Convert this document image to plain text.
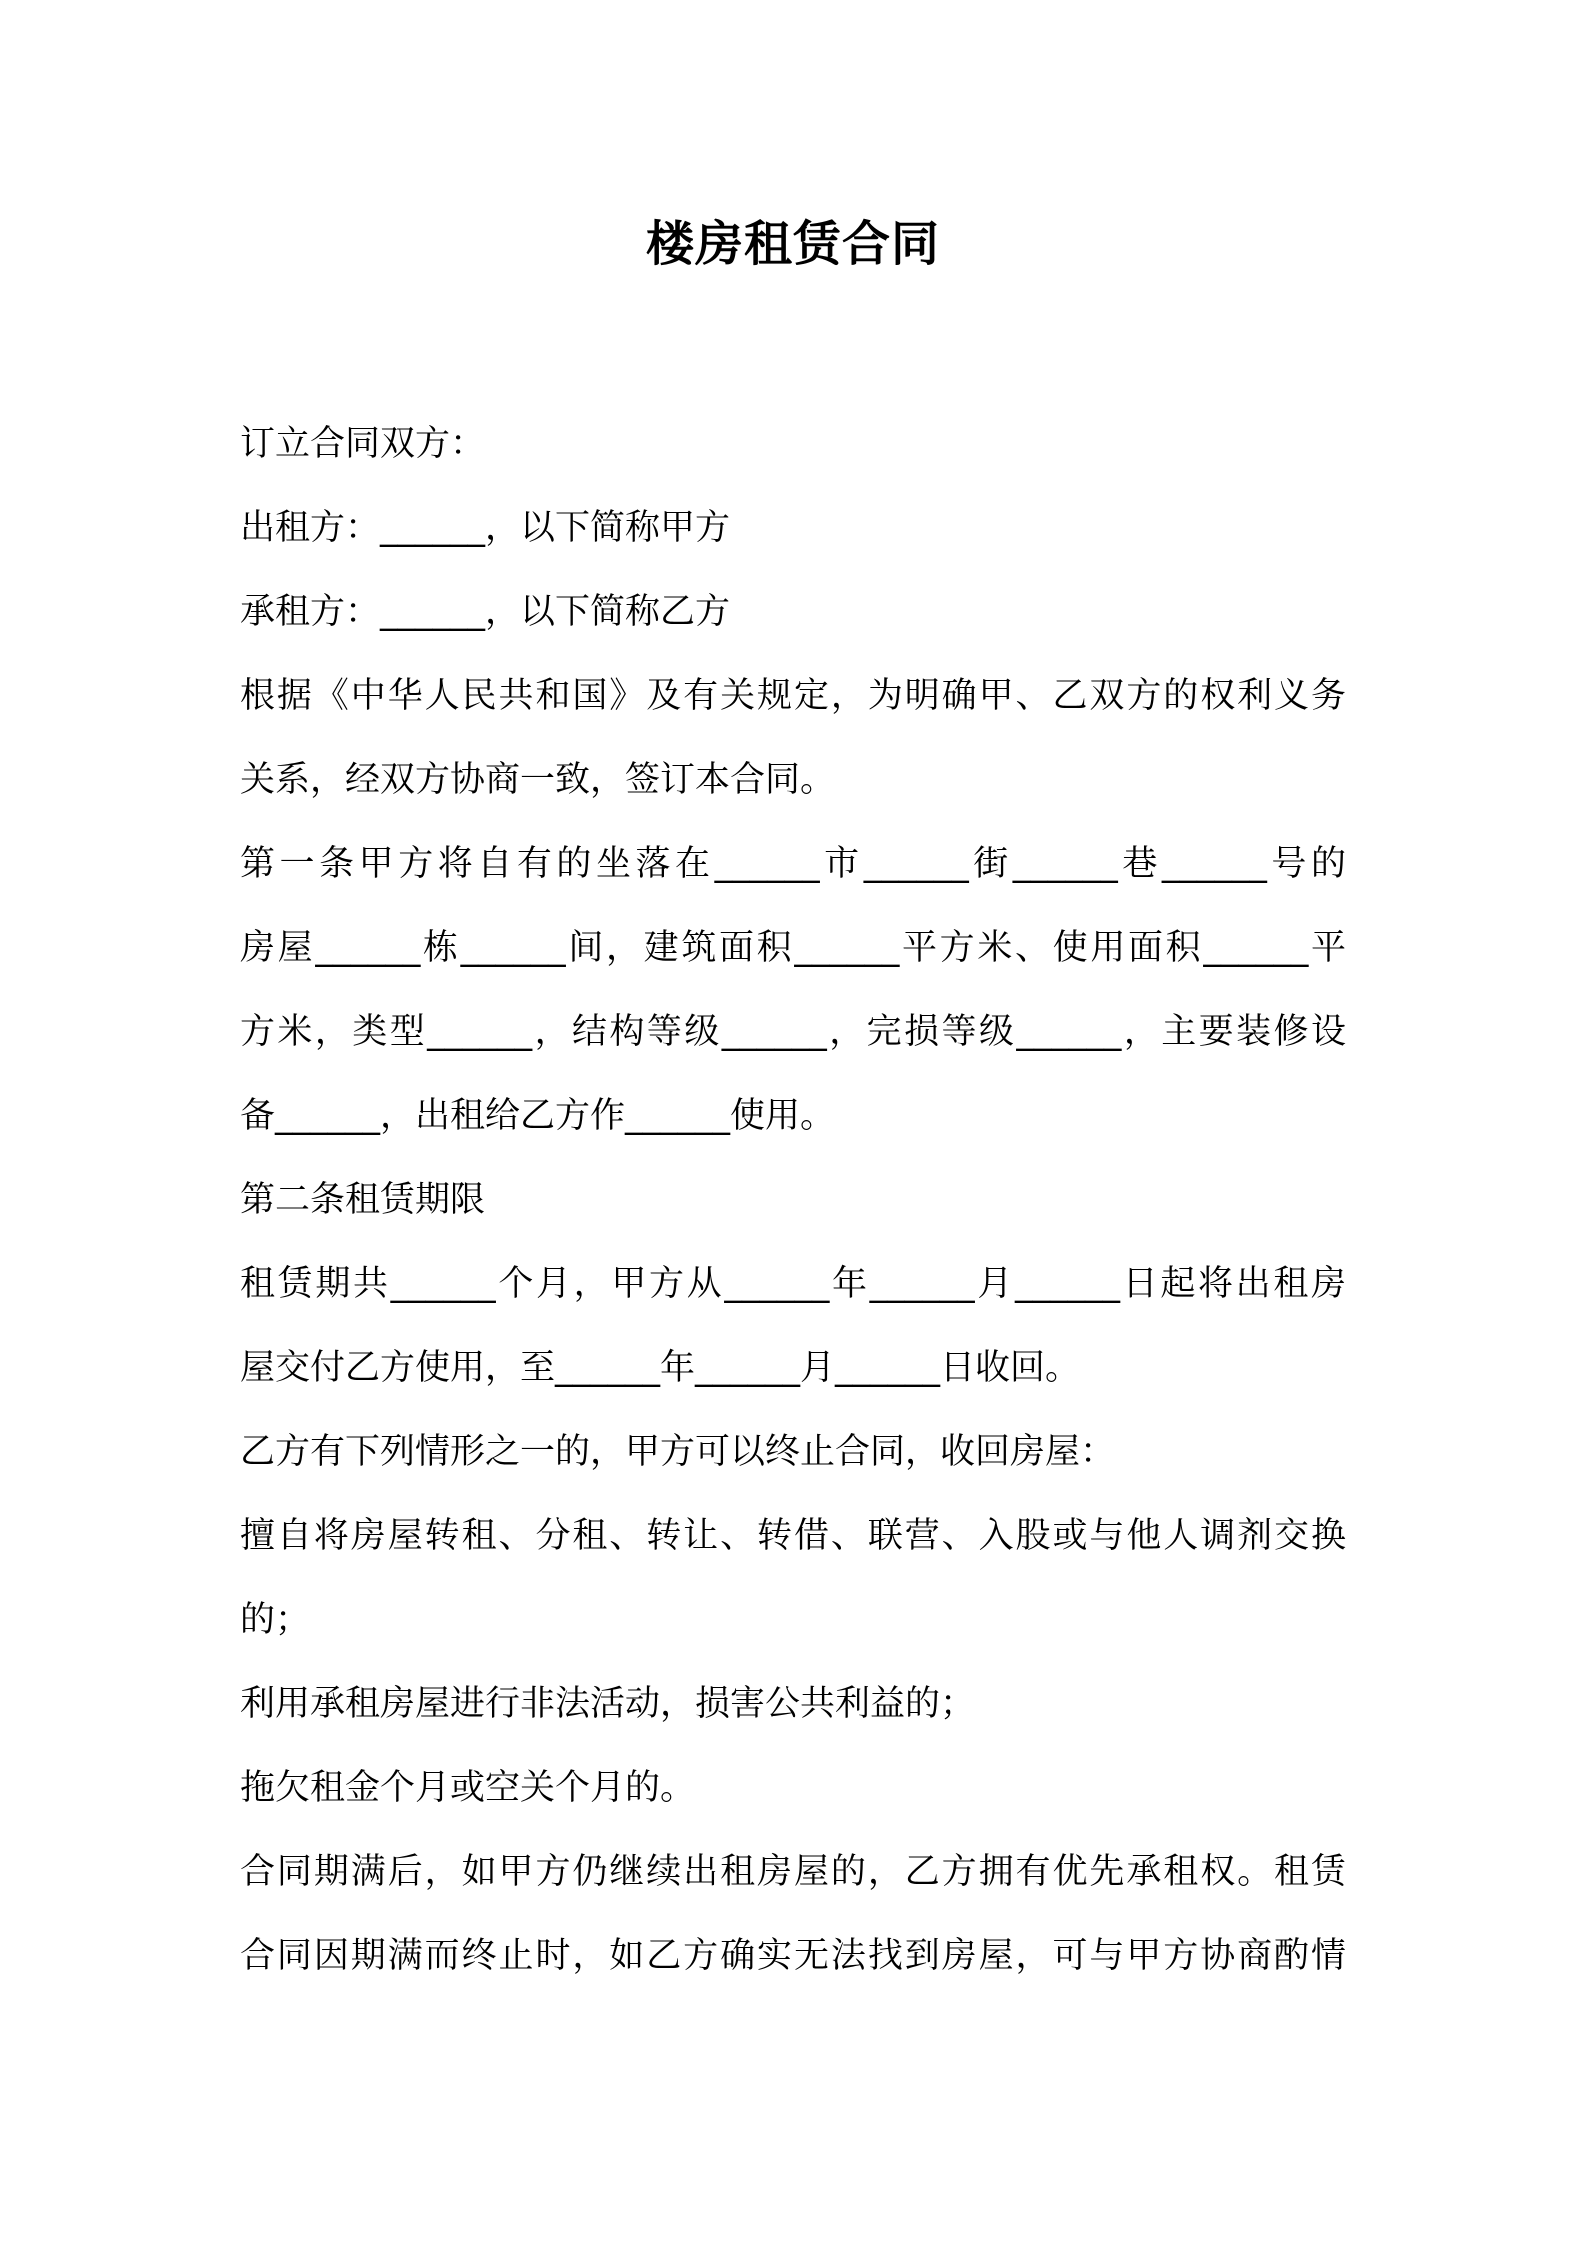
楼房租赁合同
订立合同双方：
出租方：______，以下简称甲方
承租方：______，以下简称乙方
根据《中华人民共和国》及有关规定，为明确甲、乙双方的权利义务
关系，经双方协商一致，签订本合同。
第一条甲方将自有的坐落在______市______街______巷______号的
房屋______栋______间，建筑面积______平方米、使用面积______平
方米，类型______，结构等级______，完损等级______，主要装修设
备______，出租给乙方作______使用。
第二条租赁期限
租赁期共______个月，甲方从______年______月______日起将出租房
屋交付乙方使用，至______年______月______日收回。
乙方有下列情形之一的，甲方可以终止合同，收回房屋：
擅自将房屋转租、分租、转让、转借、联营、入股或与他人调剂交换
的；
利用承租房屋进行非法活动，损害公共利益的；
拖欠租金个月或空关个月的。
合同期满后，如甲方仍继续出租房屋的，乙方拥有优先承租权。租赁
合同因期满而终止时，如乙方确实无法找到房屋，可与甲方协商酌情
